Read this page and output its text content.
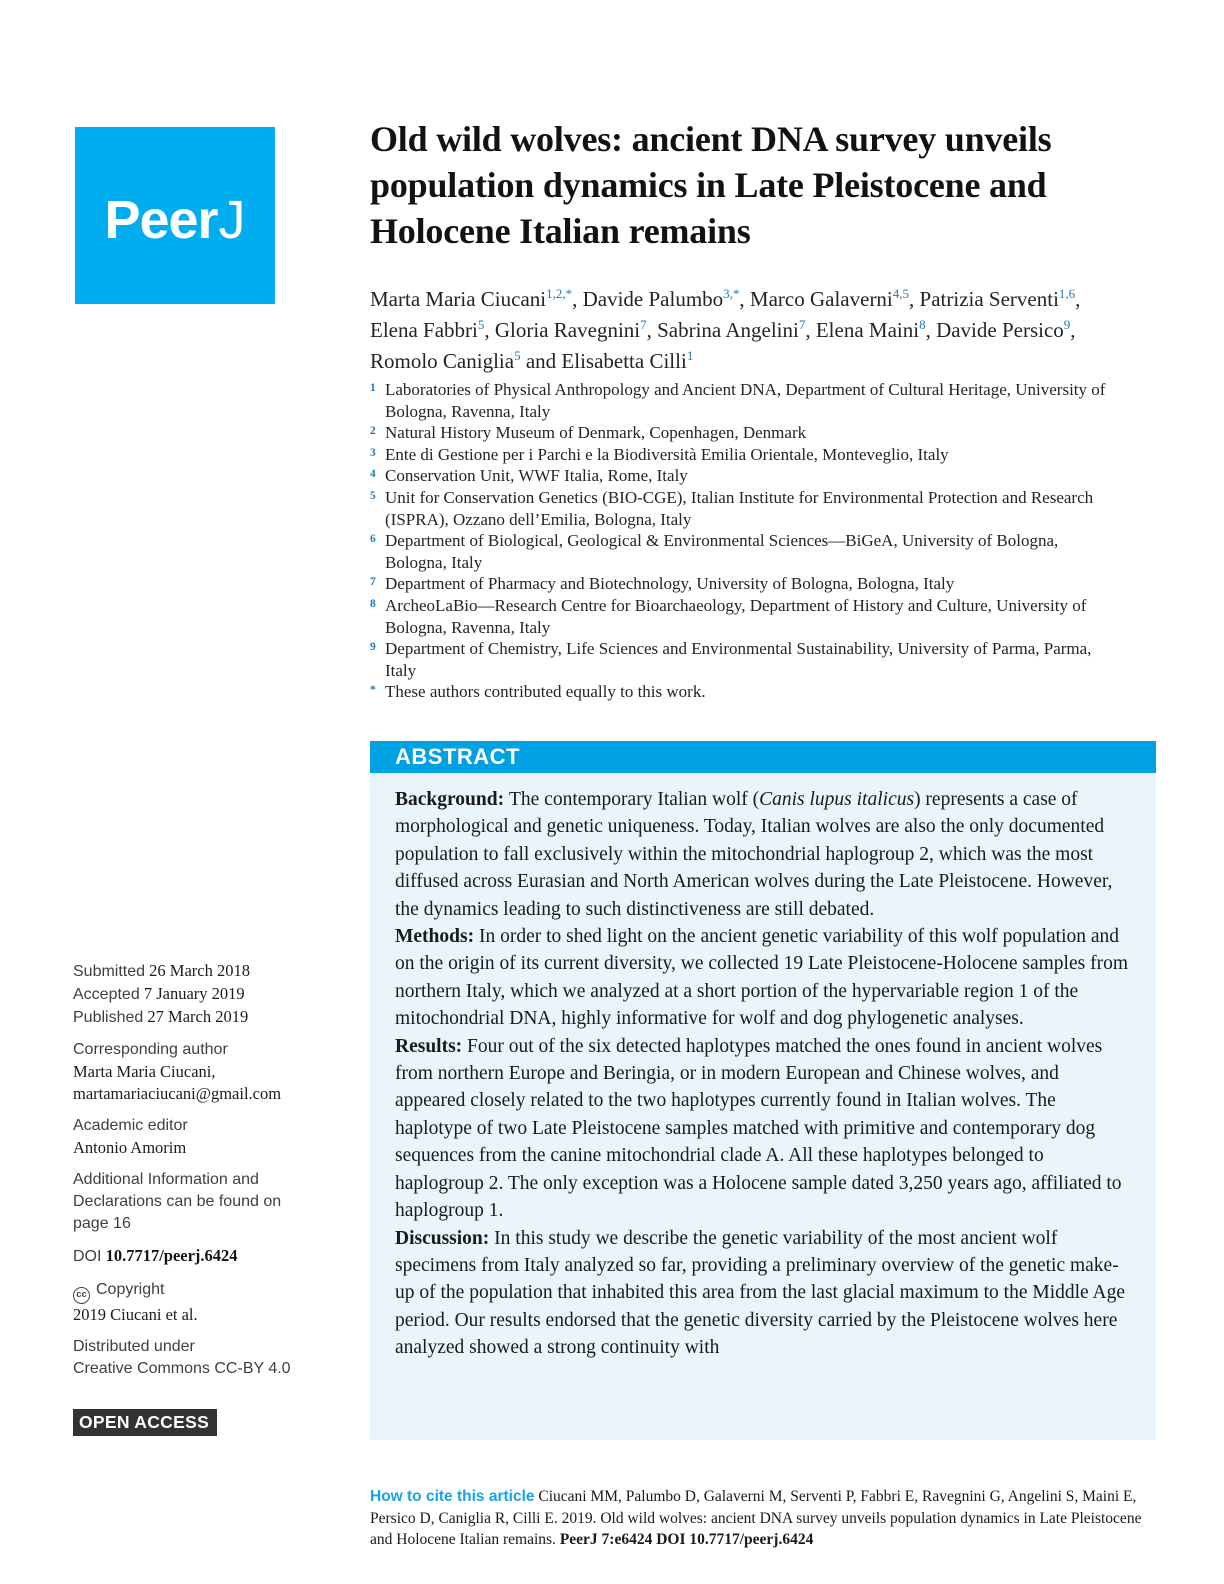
Peer J
Submitted 26 March 2018
Accepted 7 January 2019
Published 27 March 2019
Corresponding author
Marta Maria Ciucani,
martamariaciucani@gmail.com
Academic editor
Antonio Amorim
Additional Information and Declarations can be found on page 16
DOI 10.7717/peerj.6424
cc Copyright
2019 Ciucani et al.
Distributed under
Creative Commons CC-BY 4.0
OPEN ACCESS
Old wild wolves: ancient DNA survey unveils population dynamics in Late Pleistocene and Holocene Italian remains
Marta Maria Ciucani$^{1,2,*}$, Davide Palumbo$^{3,*}$, Marco Galaverni$^{4,5}$, Patrizia Serventi$^{1,6}$, Elena Fabbri$^5$, Gloria Ravegnini$^7$, Sabrina Angelini$^7$, Elena Maini$^8$, Davide Persico$^9$, Romolo Caniglia$^5$ and Elisabetta Cilli$^1$
1 Laboratories of Physical Anthropology and Ancient DNA, Department of Cultural Heritage, University of Bologna, Ravenna, Italy
2 Natural History Museum of Denmark, Copenhagen, Denmark
3 Ente di Gestione per i Parchi e la Biodiversità Emilia Orientale, Monteveglio, Italy
4 Conservation Unit, WWF Italia, Rome, Italy
5 Unit for Conservation Genetics (BIO-CGE), Italian Institute for Environmental Protection and Research (ISPRA), Ozzano dell’Emilia, Bologna, Italy
6 Department of Biological, Geological & Environmental Sciences—BiGeA, University of Bologna, Bologna, Italy
7 Department of Pharmacy and Biotechnology, University of Bologna, Bologna, Italy
8 ArcheoLaBio—Research Centre for Bioarchaeology, Department of History and Culture, University of Bologna, Ravenna, Italy
9 Department of Chemistry, Life Sciences and Environmental Sustainability, University of Parma, Parma, Italy
* These authors contributed equally to this work.
ABSTRACT

Background: The contemporary Italian wolf (Canis lupus italicus) represents a case of morphological and genetic uniqueness. Today, Italian wolves are also the only documented population to fall exclusively within the mitochondrial haplogroup 2, which was the most diffused across Eurasian and North American wolves during the Late Pleistocene. However, the dynamics leading to such distinctiveness are still debated.

Methods: In order to shed light on the ancient genetic variability of this wolf population and on the origin of its current diversity, we collected 19 Late Pleistocene-Holocene samples from northern Italy, which we analyzed at a short portion of the hypervariable region 1 of the mitochondrial DNA, highly informative for wolf and dog phylogenetic analyses.

Results: Four out of the six detected haplotypes matched the ones found in ancient wolves from northern Europe and Beringia, or in modern European and Chinese wolves, and appeared closely related to the two haplotypes currently found in Italian wolves. The haplotype of two Late Pleistocene samples matched with primitive and contemporary dog sequences from the canine mitochondrial clade A. All these haplotypes belonged to haplogroup 2. The only exception was a Holocene sample dated 3,250 years ago, affiliated to haplogroup 1.

Discussion: In this study we describe the genetic variability of the most ancient wolf specimens from Italy analyzed so far, providing a preliminary overview of the genetic make-up of the population that inhabited this area from the last glacial maximum to the Middle Age period. Our results endorsed that the genetic diversity carried by the Pleistocene wolves here analyzed showed a strong continuity with

How to cite this article Ciucani MM, Palumbo D, Galaverni M, Serventi P, Fabbri E, Ravegnini G, Angelini S, Maini E, Persico D, Caniglia R, Cilli E. 2019. Old wild wolves: ancient DNA survey unveils population dynamics in Late Pleistocene and Holocene Italian remains. PeerJ 7:e6424 DOI 10.7717/peerj.6424
